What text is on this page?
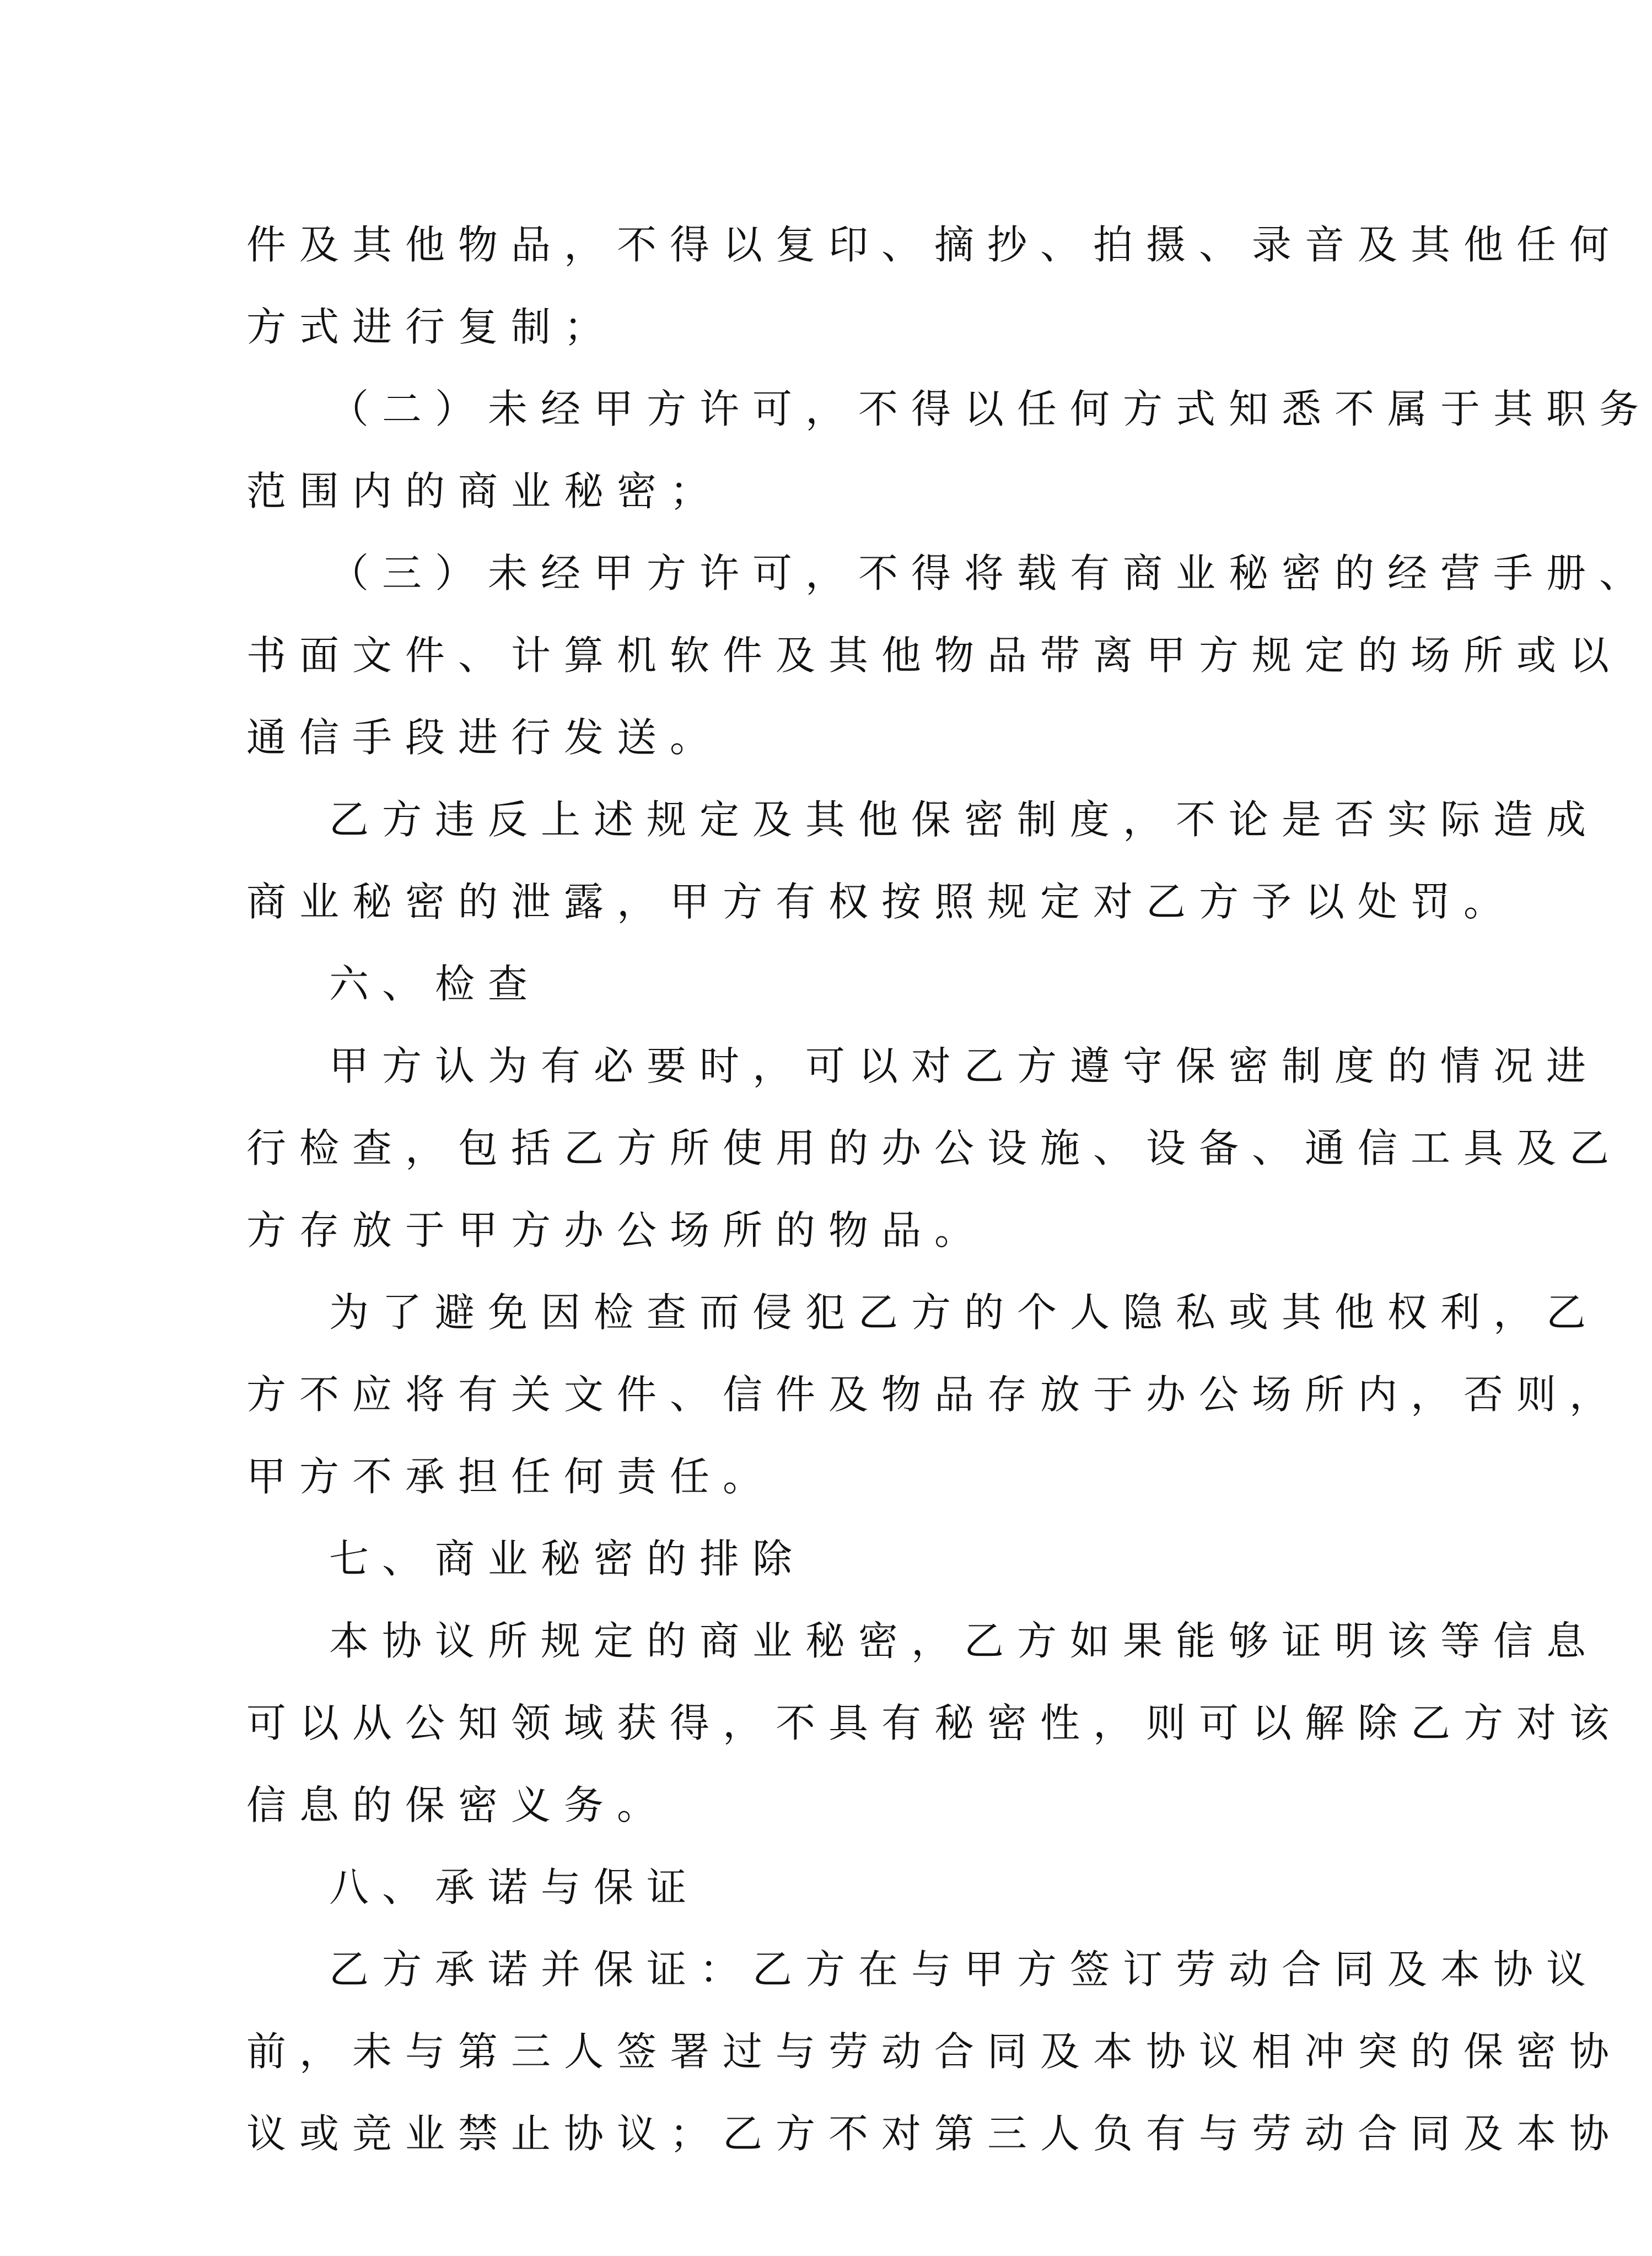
件及其他物品，不得以复印、摘抄、拍摄、录音及其他任何
方式进行复制；
（二）未经甲方许可，不得以任何方式知悉不属于其职务
范围内的商业秘密；
（三）未经甲方许可，不得将载有商业秘密的经营手册、
书面文件、计算机软件及其他物品带离甲方规定的场所或以
通信手段进行发送。
乙方违反上述规定及其他保密制度，不论是否实际造成
商业秘密的泄露，甲方有权按照规定对乙方予以处罚。
六、检查
甲方认为有必要时，可以对乙方遵守保密制度的情况进
行检查，包括乙方所使用的办公设施、设备、通信工具及乙
方存放于甲方办公场所的物品。
为了避免因检查而侵犯乙方的个人隐私或其他权利，乙
方不应将有关文件、信件及物品存放于办公场所内，否则，
甲方不承担任何责任。
七、商业秘密的排除
本协议所规定的商业秘密，乙方如果能够证明该等信息
可以从公知领域获得，不具有秘密性，则可以解除乙方对该
信息的保密义务。
八、承诺与保证
乙方承诺并保证：乙方在与甲方签订劳动合同及本协议
前，未与第三人签署过与劳动合同及本协议相冲突的保密协
议或竞业禁止协议；乙方不对第三人负有与劳动合同及本协
